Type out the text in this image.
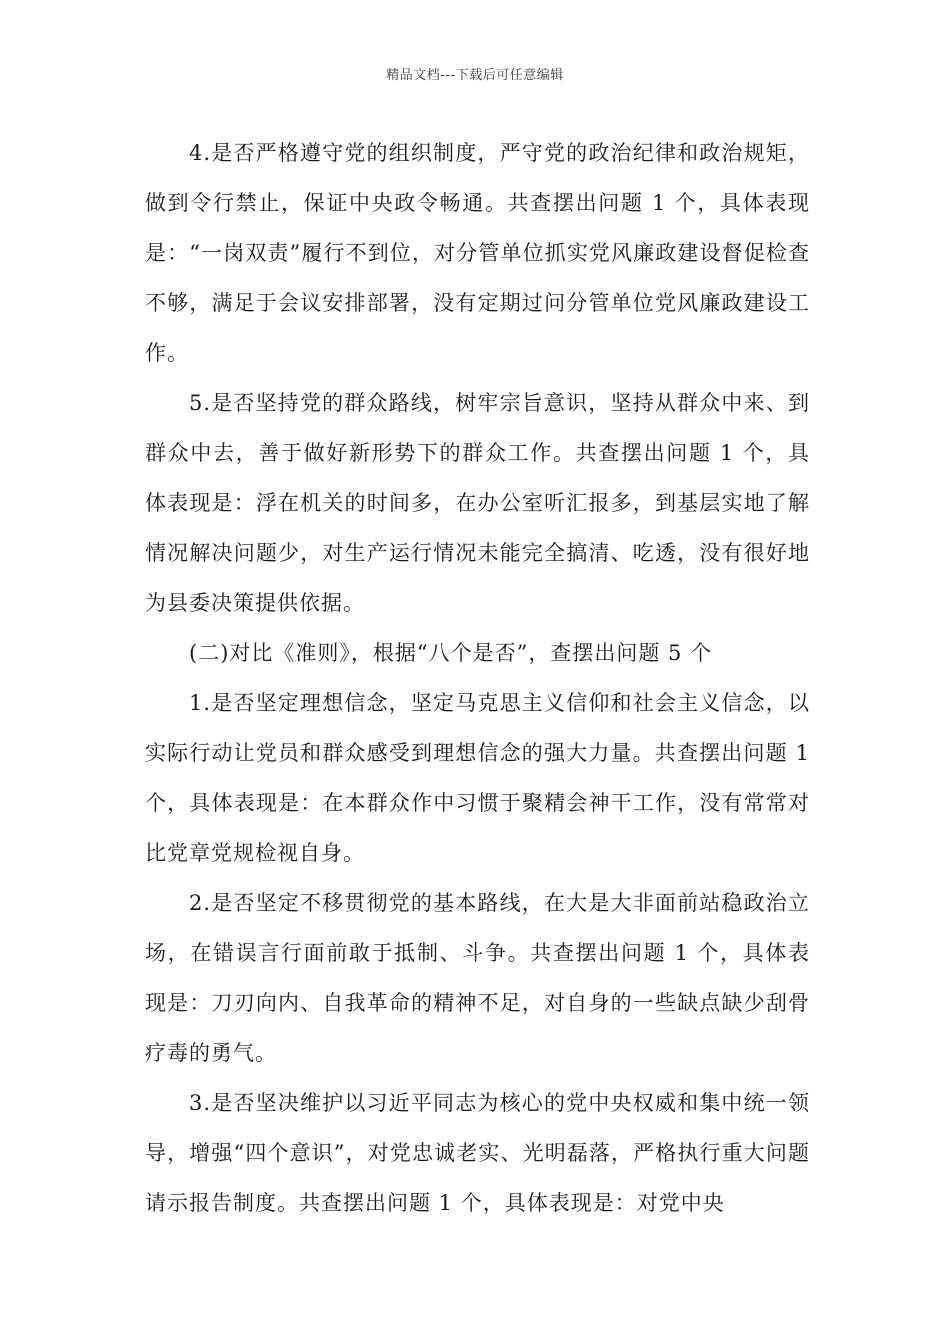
精品文档---下载后可任意编辑

4.是否严格遵守党的组织制度，严守党的政治纪律和政治规矩，做到令行禁止，保证中央政令畅通。共查摆出问题 1 个，具体表现是：“一岗双责”履行不到位，对分管单位抓实党风廉政建设督促检查不够，满足于会议安排部署，没有定期过问分管单位党风廉政建设工作。

5.是否坚持党的群众路线，树牢宗旨意识，坚持从群众中来、到群众中去，善于做好新形势下的群众工作。共查摆出问题 1 个，具体表现是：浮在机关的时间多，在办公室听汇报多，到基层实地了解情况解决问题少，对生产运行情况未能完全搞清、吃透，没有很好地为县委决策提供依据。

(二)对比《准则》，根据“八个是否”，查摆出问题 5 个

1.是否坚定理想信念，坚定马克思主义信仰和社会主义信念，以实际行动让党员和群众感受到理想信念的强大力量。共查摆出问题 1 个，具体表现是：在本群众作中习惯于聚精会神干工作，没有常常对比党章党规检视自身。

2.是否坚定不移贯彻党的基本路线，在大是大非面前站稳政治立场，在错误言行面前敢于抵制、斗争。共查摆出问题 1 个，具体表现是：刀刃向内、自我革命的精神不足，对自身的一些缺点缺少刮骨疗毒的勇气。

3.是否坚决维护以习近平同志为核心的党中央权威和集中统一领导，增强“四个意识”，对党忠诚老实、光明磊落，严格执行重大问题请示报告制度。共查摆出问题 1 个，具体表现是：对党中央
